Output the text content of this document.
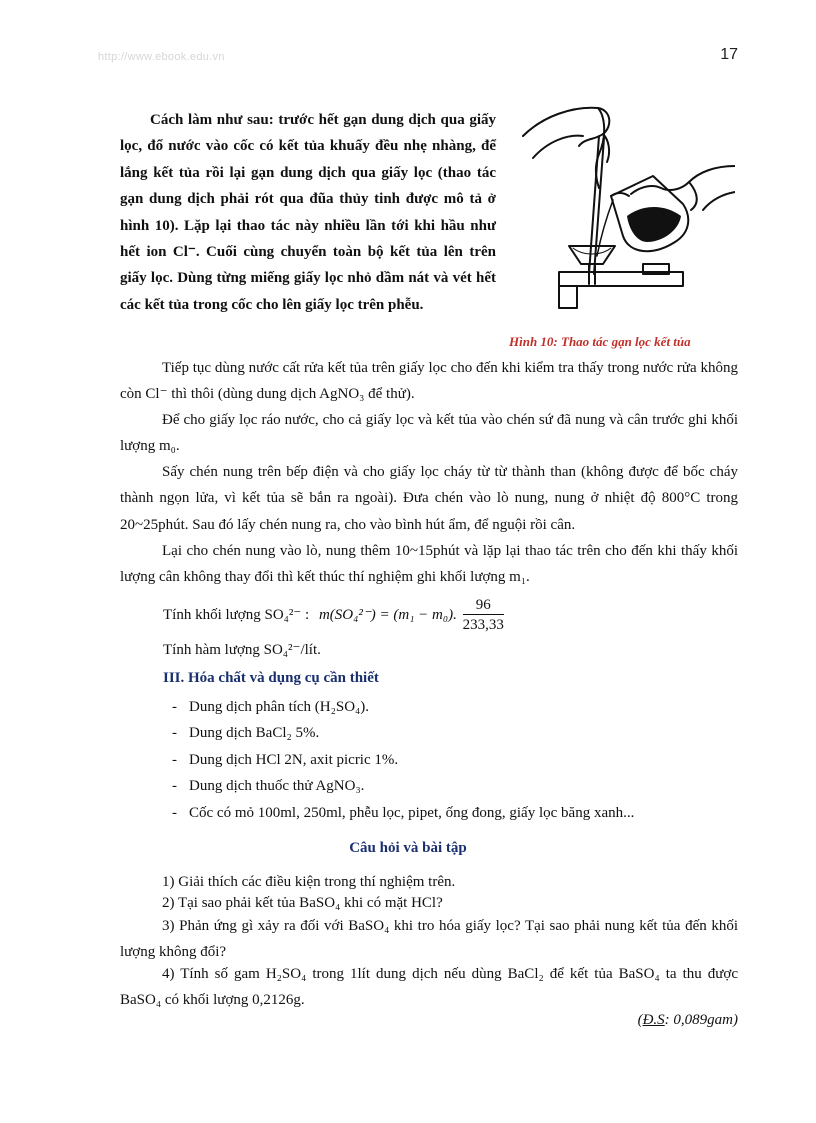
http://www.ebook.edu.vn	17
Cách làm như sau: trước hết gạn dung dịch qua giấy lọc, đổ nước vào cốc có kết tủa khuấy đều nhẹ nhàng, để lắng kết tủa rồi lại gạn dung dịch qua giấy lọc (thao tác gạn dung dịch phải rót qua đũa thủy tinh được mô tả ở hình 10). Lặp lại thao tác này nhiều lần tới khi hầu như hết ion Cl⁻. Cuối cùng chuyển toàn bộ kết tủa lên trên giấy lọc. Dùng từng miếng giấy lọc nhỏ dầm nát và vét hết các kết tủa trong cốc cho lên giấy lọc trên phễu.
Hình 10: Thao tác gạn lọc kết tủa
Tiếp tục dùng nước cất rửa kết tủa trên giấy lọc cho đến khi kiểm tra thấy trong nước rửa không còn Cl⁻ thì thôi (dùng dung dịch AgNO₃ để thử).
Để cho giấy lọc ráo nước, cho cả giấy lọc và kết tủa vào chén sứ đã nung và cân trước ghi khối lượng m₀.
Sấy chén nung trên bếp điện và cho giấy lọc cháy từ từ thành than (không được để bốc cháy thành ngọn lửa, vì kết tủa sẽ bắn ra ngoài). Đưa chén vào lò nung, nung ở nhiệt độ 800°C trong 20~25phút. Sau đó lấy chén nung ra, cho vào bình hút ẩm, để nguội rồi cân.
Lại cho chén nung vào lò, nung thêm 10~15phút và lặp lại thao tác trên cho đến khi thấy khối lượng cân không thay đổi thì kết thúc thí nghiệm ghi khối lượng m₁.
Tính khối lượng SO₄²⁻ : m(SO₄²⁻) = (m₁ − m₀). $\frac{96}{233,33}$
Tính hàm lượng SO₄²⁻/lít.
III. Hóa chất và dụng cụ cần thiết
- Dung dịch phân tích (H₂SO₄).
- Dung dịch BaCl₂ 5%.
- Dung dịch HCl 2N, axit picric 1%.
- Dung dịch thuốc thử AgNO₃.
- Cốc có mỏ 100ml, 250ml, phễu lọc, pipet, ống đong, giấy lọc băng xanh...
Câu hỏi và bài tập
1) Giải thích các điều kiện trong thí nghiệm trên.
2) Tại sao phải kết tủa BaSO₄ khi có mặt HCl?
3) Phản ứng gì xảy ra đối với BaSO₄ khi tro hóa giấy lọc? Tại sao phải nung kết tủa đến khối lượng không đổi?
4) Tính số gam H₂SO₄ trong 1lít dung dịch nếu dùng BaCl₂ để kết tủa BaSO₄ ta thu được BaSO₄ có khối lượng 0,2126g.
(Đ.S: 0,089gam)
